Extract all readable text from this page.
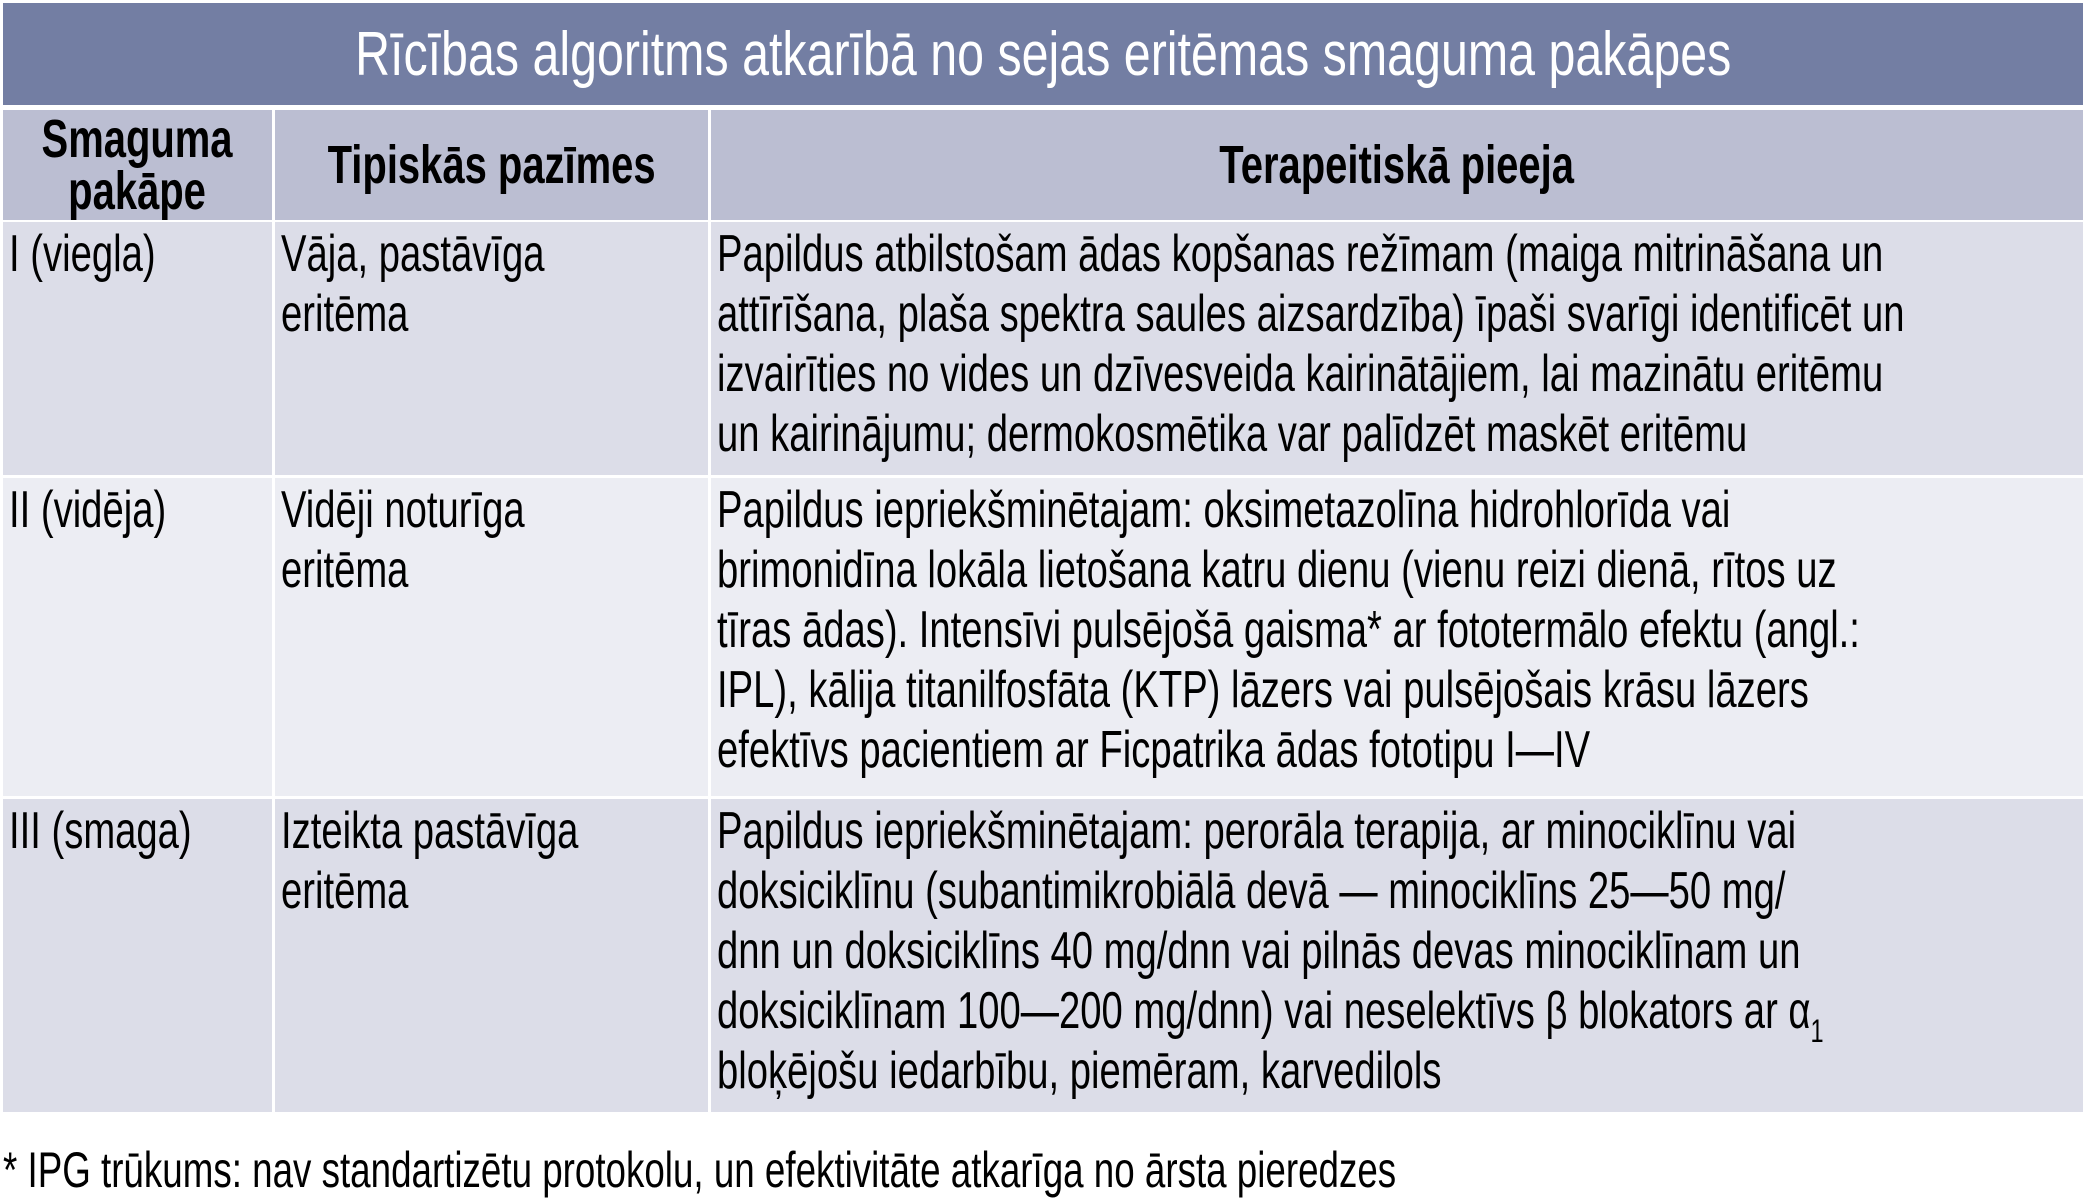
Rīcības algoritms atkarībā no sejas eritēmas smaguma pakāpes
Smaguma
pakāpe	Tipiskās pazīmes	Terapeitiskā pieeja
I (viegla) Vāja, pastāvīga
eritēma
Papildus atbilstošam ādas kopšanas režīmam (maiga mitrināšana un
attīrīšana, plaša spektra saules aizsardzība) īpaši svarīgi identificēt un
izvairīties no vides un dzīvesveida kairinātājiem, lai mazinātu eritēmu
un kairinājumu; dermokosmētika var palīdzēt maskēt eritēmu
II (vidēja) Vidēji noturīga
eritēma
Papildus iepriekšminētajam: oksimetazolīna hidrohlorīda vai
brimonidīna lokāla lietošana katru dienu (vienu reizi dienā, rītos uz
tīras ādas). Intensīvi pulsējošā gaisma* ar fototermālo efektu (angl.:
IPL), kālija titanilfosfāta (KTP) lāzers vai pulsējošais krāsu lāzers
efektīvs pacientiem ar Ficpatrika ādas fototipu I—IV
III (smaga) Izteikta pastāvīga
eritēma
Papildus iepriekšminētajam: perorāla terapija, ar minociklīnu vai
doksiciklīnu (subantimikrobiālā devā — minociklīns 25—50 mg/
dnn un doksiciklīns 40 mg/dnn vai pilnās devas minociklīnam un
doksiciklīnam 100—200 mg/dnn) vai neselektīvs β blokators ar $\alpha_1$
bloķējošu iedarbību, piemēram, karvedilols
* IPG trūkums: nav standartizētu protokolu, un efektivitāte atkarīga no ārsta pieredzes
